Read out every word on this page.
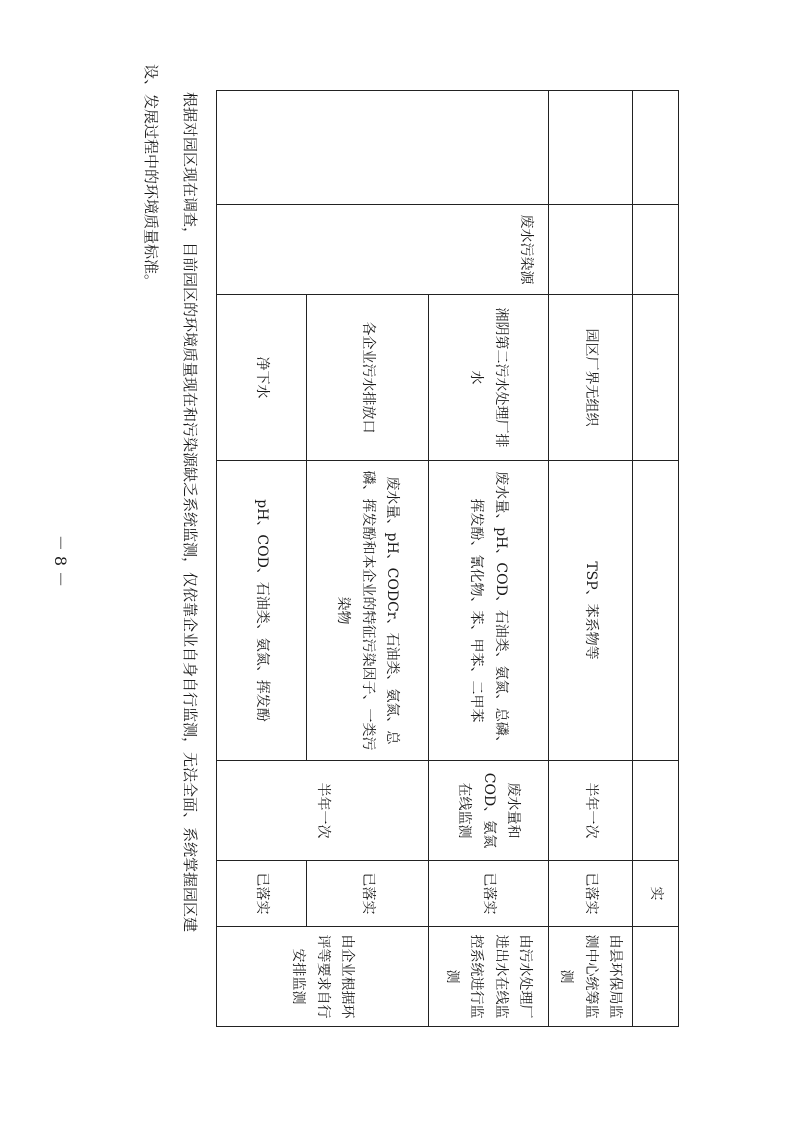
					实	
		园区厂界无组织	TSP、苯系物等	半年一次	已落实	由县环保局监测中心统筹监测
	废水污染源	湘阴第二污水处理厂排水	废水量、pH、COD、石油类、氨氮、总磷、挥发酚、氰化物、苯、甲苯、二甲苯	废水量和COD、氨氮在线监测	已落实	由污水处理厂进出水在线监控系统进行监测
		各企业污水排放口	废水量、pH、CODCr、石油类、氨氮、总磷、挥发酚和本企业的特征污染因子、一类污染物	半年一次	已落实	由企业根据环评等要求自行安排监测
		净下水	pH、COD、石油类、氨氮、挥发酚		已落实	
根据对园区现在调查，目前园区的环境质量现在和污染源缺乏系统监测，仅依靠企业自身自行监测，无法全面、系统掌握园区建
设、发展过程中的环境质量标准。
－ 8 －
